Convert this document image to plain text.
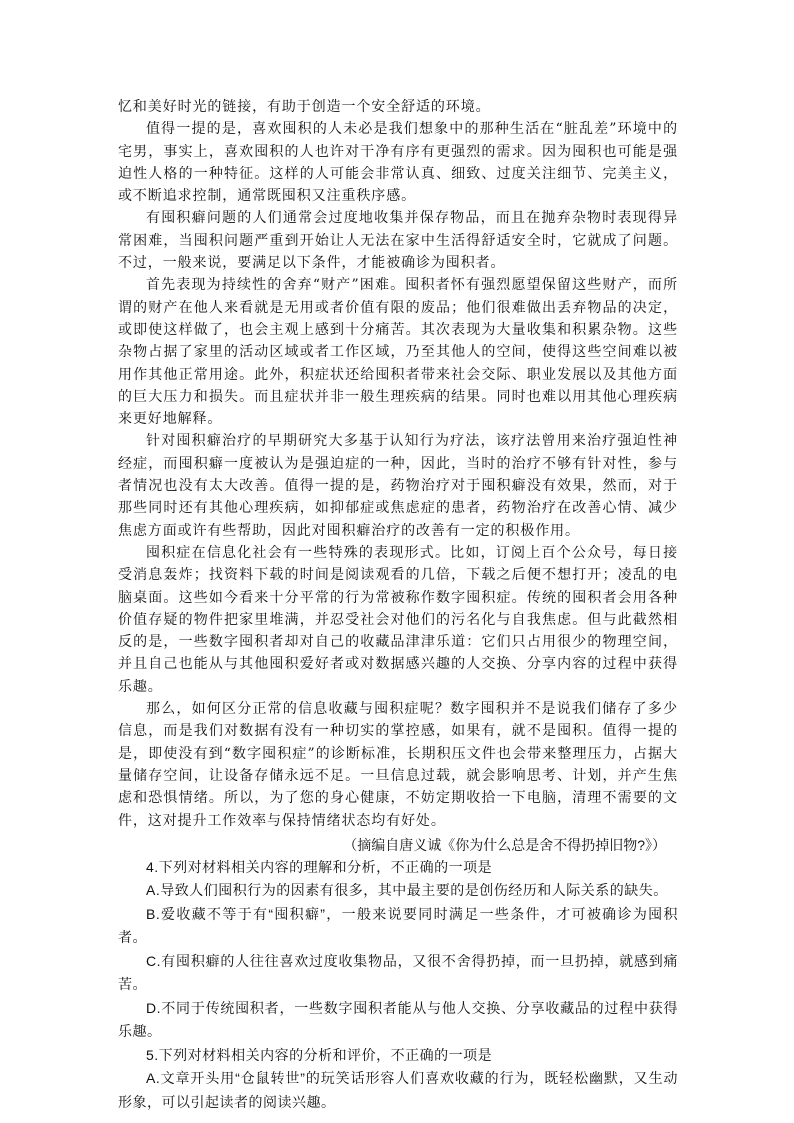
忆和美好时光的链接，有助于创造一个安全舒适的环境。

值得一提的是，喜欢囤积的人未必是我们想象中的那种生活在“脏乱差”环境中的宅男，事实上，喜欢囤积的人也许对干净有序有更强烈的需求。因为囤积也可能是强迫性人格的一种特征。这样的人可能会非常认真、细致、过度关注细节、完美主义，或不断追求控制，通常既囤积又注重秩序感。

有囤积癖问题的人们通常会过度地收集并保存物品，而且在抛弃杂物时表现得异常困难，当囤积问题严重到开始让人无法在家中生活得舒适安全时，它就成了问题。不过，一般来说，要满足以下条件，才能被确诊为囤积者。

首先表现为持续性的舍弃“财产”困难。囤积者怀有强烈愿望保留这些财产，而所谓的财产在他人来看就是无用或者价值有限的废品；他们很难做出丢弃物品的决定，或即使这样做了，也会主观上感到十分痛苦。其次表现为大量收集和积累杂物。这些杂物占据了家里的活动区域或者工作区域，乃至其他人的空间，使得这些空间难以被用作其他正常用途。此外，积症状还给囤积者带来社会交际、职业发展以及其他方面的巨大压力和损失。而且症状并非一般生理疾病的结果。同时也难以用其他心理疾病来更好地解释。

针对囤积癖治疗的早期研究大多基于认知行为疗法，该疗法曾用来治疗强迫性神经症，而囤积癖一度被认为是强迫症的一种，因此，当时的治疗不够有针对性，参与者情况也没有太大改善。值得一提的是，药物治疗对于囤积癖没有效果，然而，对于那些同时还有其他心理疾病，如抑郁症或焦虑症的患者，药物治疗在改善心情、减少焦虑方面或许有些帮助，因此对囤积癖治疗的改善有一定的积极作用。

囤积症在信息化社会有一些特殊的表现形式。比如，订阅上百个公众号，每日接受消息轰炸；找资料下载的时间是阅读观看的几倍，下载之后便不想打开；凌乱的电脑桌面。这些如今看来十分平常的行为常被称作数字囤积症。传统的囤积者会用各种价值存疑的物件把家里堆满，并忍受社会对他们的污名化与自我焦虑。但与此截然相反的是，一些数字囤积者却对自己的收藏品津津乐道：它们只占用很少的物理空间，并且自己也能从与其他囤积爱好者或对数据感兴趣的人交换、分享内容的过程中获得乐趣。

那么，如何区分正常的信息收藏与囤积症呢？数字囤积并不是说我们储存了多少信息，而是我们对数据有没有一种切实的掌控感，如果有，就不是囤积。值得一提的是，即使没有到“数字囤积症”的诊断标准，长期积压文件也会带来整理压力，占据大量储存空间，让设备存储永远不足。一旦信息过载，就会影响思考、计划，并产生焦虑和恐惧情绪。所以，为了您的身心健康，不妨定期收拾一下电脑，清理不需要的文件，这对提升工作效率与保持情绪状态均有好处。

（摘编自唐义诚《你为什么总是舍不得扔掉旧物?》）

4.下列对材料相关内容的理解和分析，不正确的一项是

A.导致人们囤积行为的因素有很多，其中最主要的是创伤经历和人际关系的缺失。

B.爱收藏不等于有“囤积癖”，一般来说要同时满足一些条件，才可被确诊为囤积者。

C.有囤积癖的人往往喜欢过度收集物品，又很不舍得扔掉，而一旦扔掉，就感到痛苦。

D.不同于传统囤积者，一些数字囤积者能从与他人交换、分享收藏品的过程中获得乐趣。

5.下列对材料相关内容的分析和评价，不正确的一项是

A.文章开头用“仓鼠转世”的玩笑话形容人们喜欢收藏的行为，既轻松幽默，又生动形象，可以引起读者的阅读兴趣。
